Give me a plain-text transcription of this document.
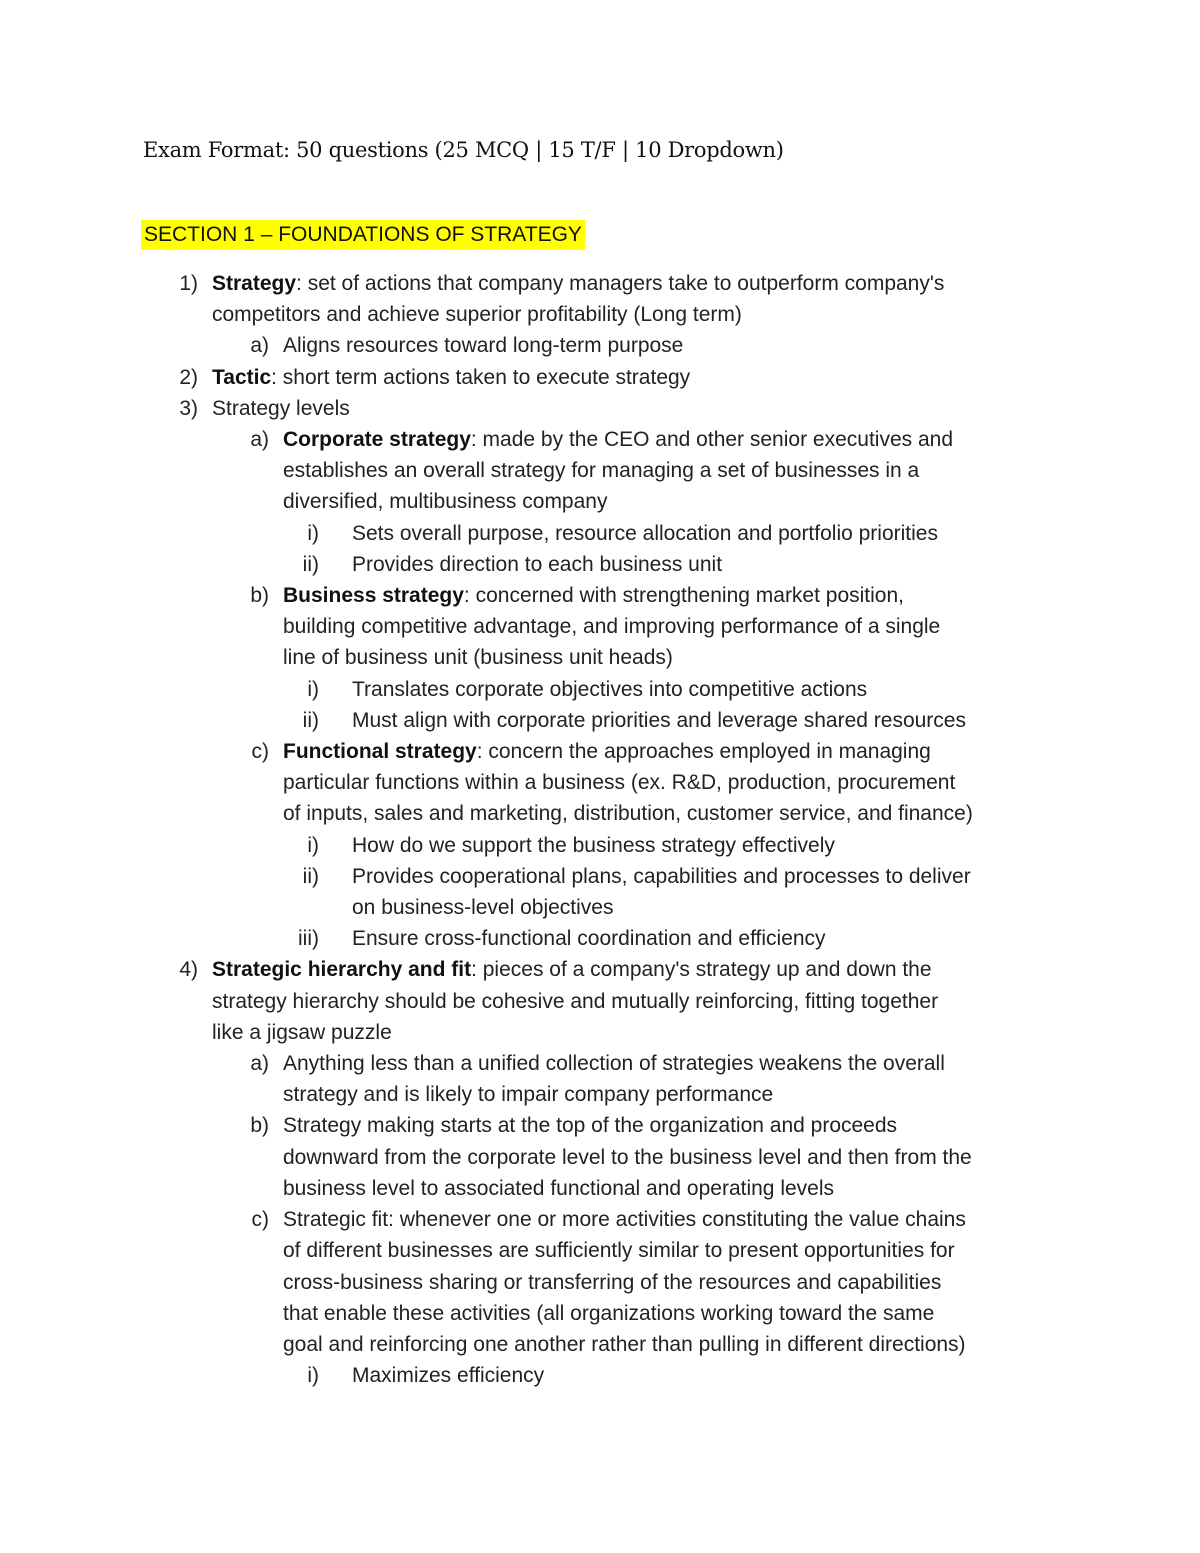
Exam Format: 50 questions (25 MCQ | 15 T/F | 10 Dropdown)
SECTION 1 – FOUNDATIONS OF STRATEGY
1) Strategy: set of actions that company managers take to outperform company's
competitors and achieve superior profitability (Long term)
a) Aligns resources toward long-term purpose
2) Tactic: short term actions taken to execute strategy
3) Strategy levels
a) Corporate strategy: made by the CEO and other senior executives and
establishes an overall strategy for managing a set of businesses in a
diversified, multibusiness company
i) Sets overall purpose, resource allocation and portfolio priorities
ii) Provides direction to each business unit
b) Business strategy: concerned with strengthening market position,
building competitive advantage, and improving performance of a single
line of business unit (business unit heads)
i) Translates corporate objectives into competitive actions
ii) Must align with corporate priorities and leverage shared resources
c) Functional strategy: concern the approaches employed in managing
particular functions within a business (ex. R&D, production, procurement
of inputs, sales and marketing, distribution, customer service, and finance)
i) How do we support the business strategy effectively
ii) Provides cooperational plans, capabilities and processes to deliver
on business-level objectives
iii) Ensure cross-functional coordination and efficiency
4) Strategic hierarchy and fit: pieces of a company's strategy up and down the
strategy hierarchy should be cohesive and mutually reinforcing, fitting together
like a jigsaw puzzle
a) Anything less than a unified collection of strategies weakens the overall
strategy and is likely to impair company performance
b) Strategy making starts at the top of the organization and proceeds
downward from the corporate level to the business level and then from the
business level to associated functional and operating levels
c) Strategic fit: whenever one or more activities constituting the value chains
of different businesses are sufficiently similar to present opportunities for
cross-business sharing or transferring of the resources and capabilities
that enable these activities (all organizations working toward the same
goal and reinforcing one another rather than pulling in different directions)
i) Maximizes efficiency
